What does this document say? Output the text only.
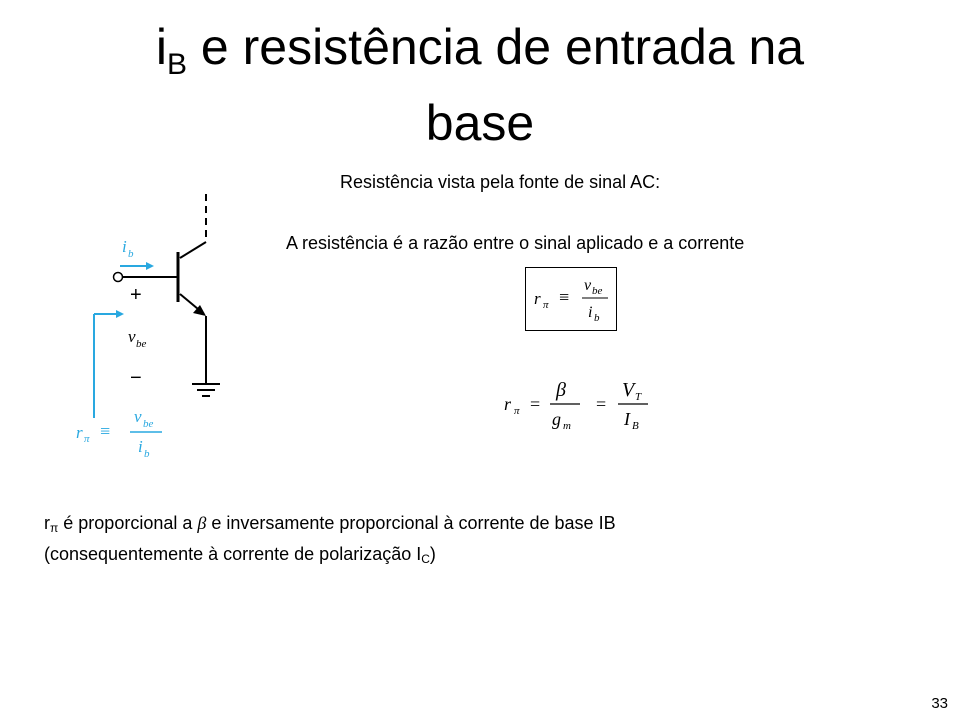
$i_B$ e resistência de entrada na
base
Resistência vista pela fonte de sinal AC:
A resistência é a razão entre o sinal aplicado e a corrente
r π ≡
v be
i b
r π =
β
g m
=
V T
I B
i b
+
v be
−
r π ≡
v be
i b
$r_\pi$ é proporcional a β e inversamente proporcional à corrente de base IB
(consequentemente à corrente de polarização $I_C$)
33
